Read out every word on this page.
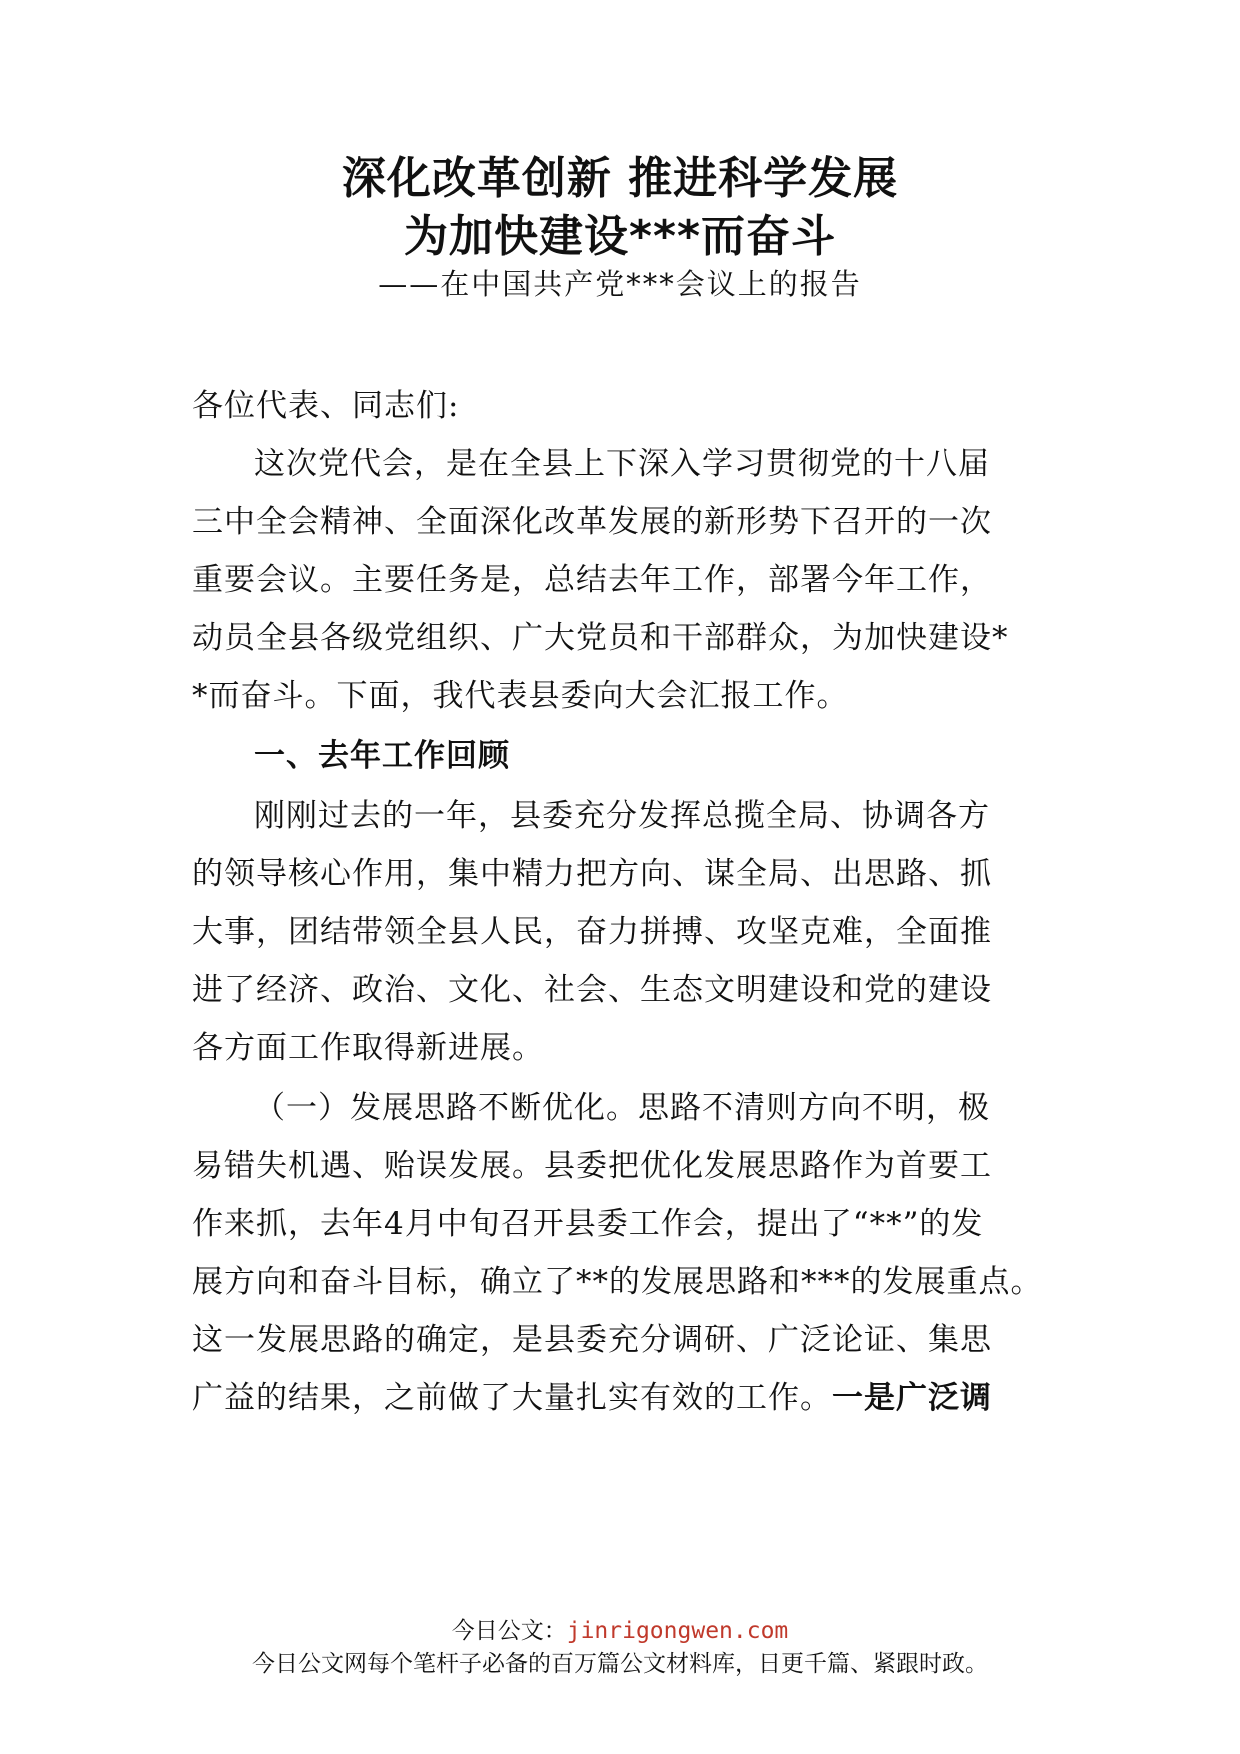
深化改革创新 推进科学发展
为加快建设***而奋斗
——在中国共产党***会议上的报告
各位代表、同志们:
这次党代会，是在全县上下深入学习贯彻党的十八届
三中全会精神、全面深化改革发展的新形势下召开的一次
重要会议。主要任务是，总结去年工作，部署今年工作，
动员全县各级党组织、广大党员和干部群众，为加快建设*
*而奋斗。下面，我代表县委向大会汇报工作。
一、去年工作回顾
刚刚过去的一年，县委充分发挥总揽全局、协调各方
的领导核心作用，集中精力把方向、谋全局、出思路、抓
大事，团结带领全县人民，奋力拼搏、攻坚克难，全面推
进了经济、政治、文化、社会、生态文明建设和党的建设
各方面工作取得新进展。
（一）发展思路不断优化。思路不清则方向不明，极
易错失机遇、贻误发展。县委把优化发展思路作为首要工
作来抓，去年4月中旬召开县委工作会，提出了“**”的发
展方向和奋斗目标，确立了**的发展思路和***的发展重点。
这一发展思路的确定，是县委充分调研、广泛论证、集思
广益的结果，之前做了大量扎实有效的工作。一是广泛调
今日公文：jinrigongwen.com
今日公文网每个笔杆子必备的百万篇公文材料库，日更千篇、紧跟时政。
